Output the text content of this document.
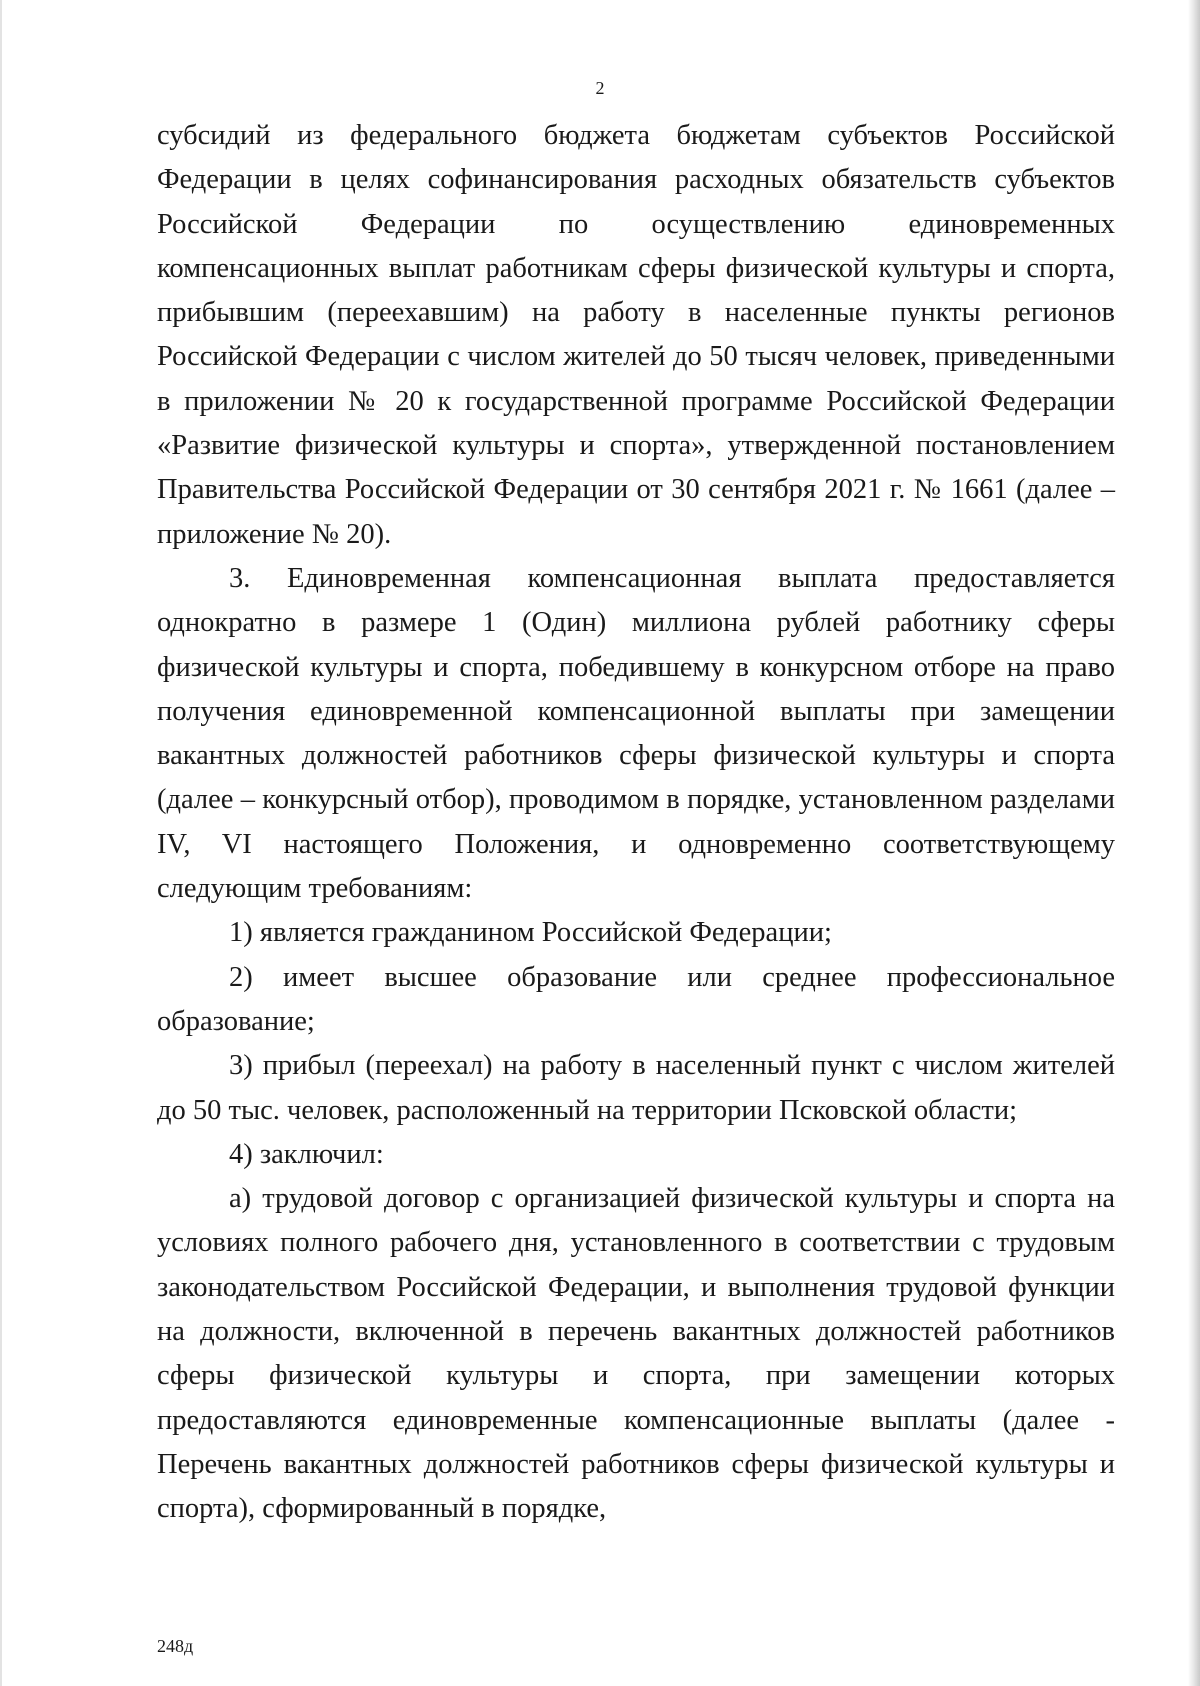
2

субсидий из федерального бюджета бюджетам субъектов Российской Федерации в целях софинансирования расходных обязательств субъектов Российской Федерации по осуществлению единовременных компенсационных выплат работникам сферы физической культуры и спорта, прибывшим (переехавшим) на работу в населенные пункты регионов Российской Федерации с числом жителей до 50 тысяч человек, приведенными в приложении № 20 к государственной программе Российской Федерации «Развитие физической культуры и спорта», утвержденной постановлением Правительства Российской Федерации от 30 сентября 2021 г. № 1661 (далее – приложение № 20).

3. Единовременная компенсационная выплата предоставляется однократно в размере 1 (Один) миллиона рублей работнику сферы физической культуры и спорта, победившему в конкурсном отборе на право получения единовременной компенсационной выплаты при замещении вакантных должностей работников сферы физической культуры и спорта (далее – конкурсный отбор), проводимом в порядке, установленном разделами IV, VI настоящего Положения, и одновременно соответствующему следующим требованиям:

1) является гражданином Российской Федерации;

2) имеет высшее образование или среднее профессиональное образование;

3) прибыл (переехал) на работу в населенный пункт с числом жителей до 50 тыс. человек, расположенный на территории Псковской области;

4) заключил:

а) трудовой договор с организацией физической культуры и спорта на условиях полного рабочего дня, установленного в соответствии с трудовым законодательством Российской Федерации, и выполнения трудовой функции на должности, включенной в перечень вакантных должностей работников сферы физической культуры и спорта, при замещении которых предоставляются единовременные компенсационные выплаты (далее - Перечень вакантных должностей работников сферы физической культуры и спорта), сформированный в порядке,

248д
